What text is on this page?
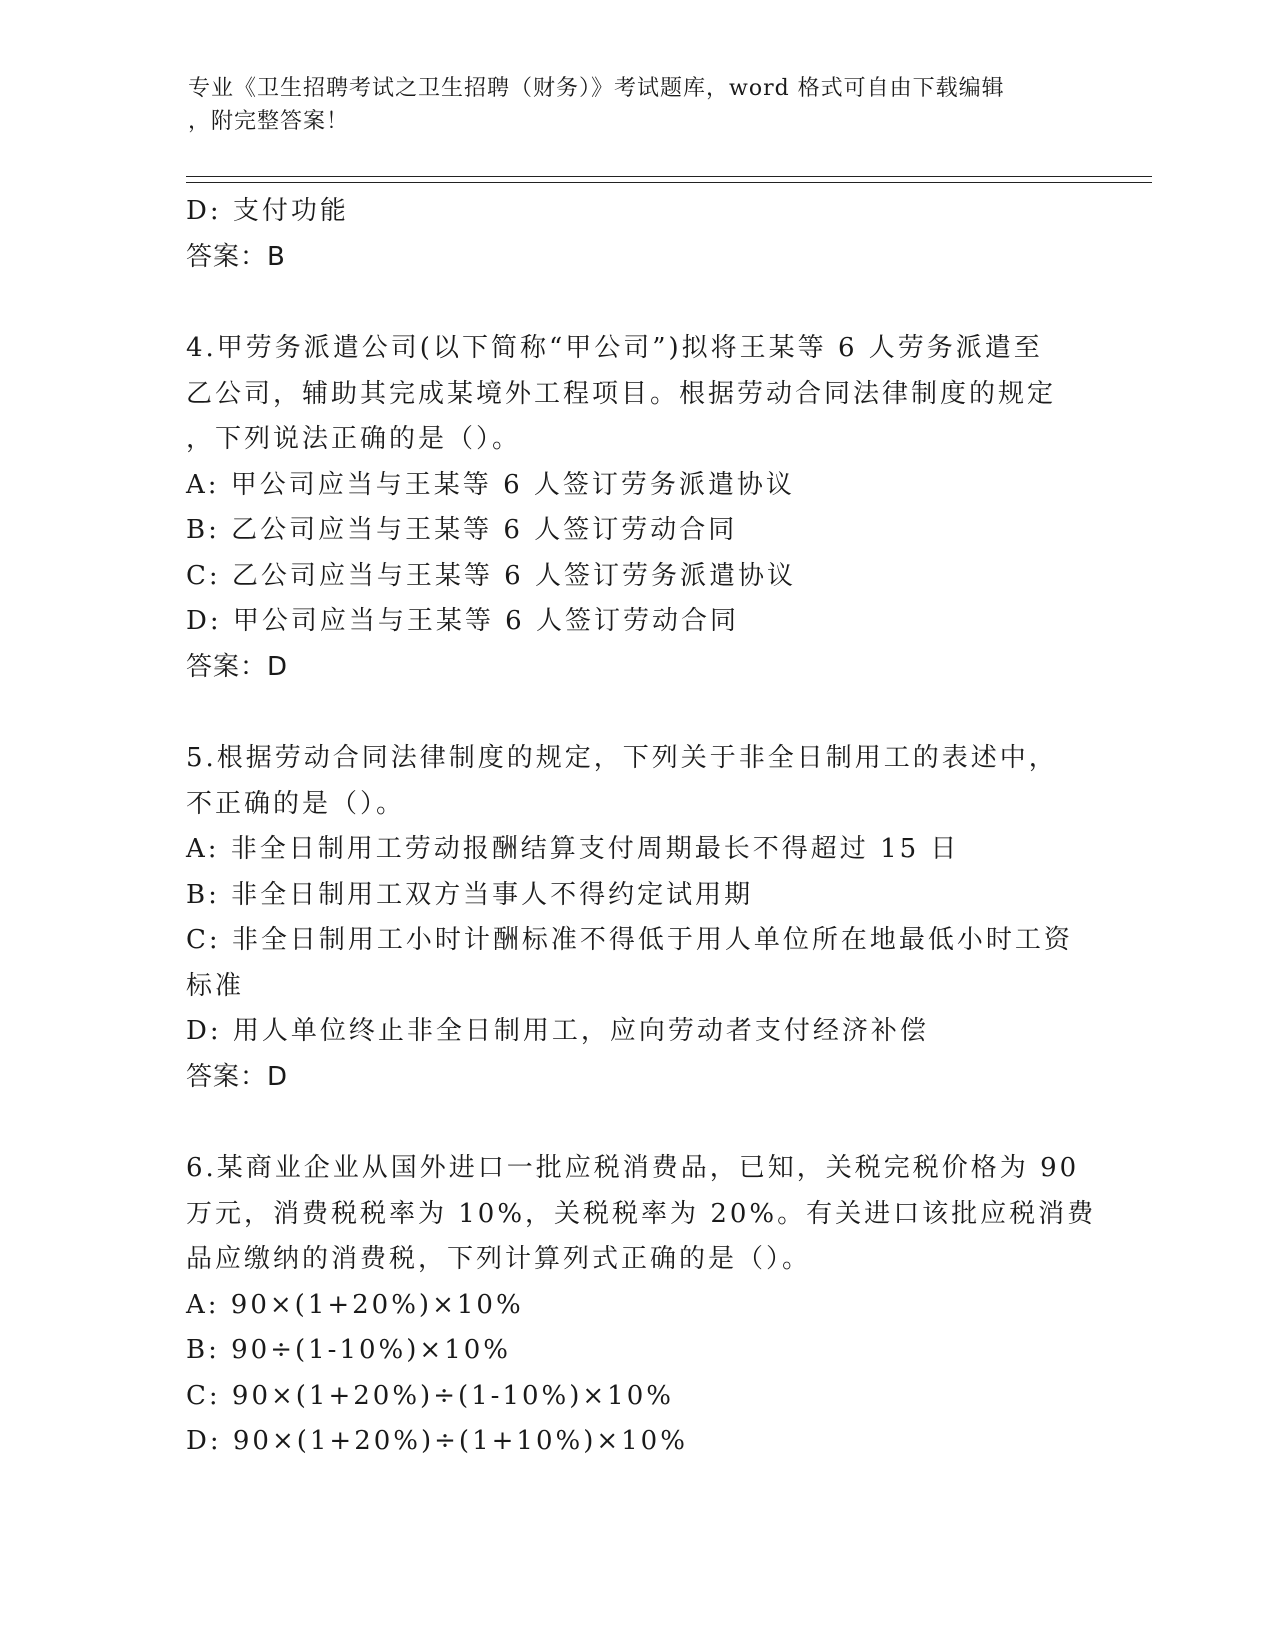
专业《卫生招聘考试之卫生招聘（财务）》考试题库，word 格式可自由下载编辑
，附完整答案！
D: 支付功能
答案：B
4.甲劳务派遣公司(以下简称“甲公司”)拟将王某等 6 人劳务派遣至
乙公司，辅助其完成某境外工程项目。根据劳动合同法律制度的规定
，下列说法正确的是（）。
A: 甲公司应当与王某等 6 人签订劳务派遣协议
B: 乙公司应当与王某等 6 人签订劳动合同
C: 乙公司应当与王某等 6 人签订劳务派遣协议
D: 甲公司应当与王某等 6 人签订劳动合同
答案：D
5.根据劳动合同法律制度的规定，下列关于非全日制用工的表述中，
不正确的是（）。
A: 非全日制用工劳动报酬结算支付周期最长不得超过 15 日
B: 非全日制用工双方当事人不得约定试用期
C: 非全日制用工小时计酬标准不得低于用人单位所在地最低小时工资
标准
D: 用人单位终止非全日制用工，应向劳动者支付经济补偿
答案：D
6.某商业企业从国外进口一批应税消费品，已知，关税完税价格为 90
万元，消费税税率为 10%，关税税率为 20%。有关进口该批应税消费
品应缴纳的消费税，下列计算列式正确的是（）。
A: 90×(1+20%)×10%
B: 90÷(1-10%)×10%
C: 90×(1+20%)÷(1-10%)×10%
D: 90×(1+20%)÷(1+10%)×10%
